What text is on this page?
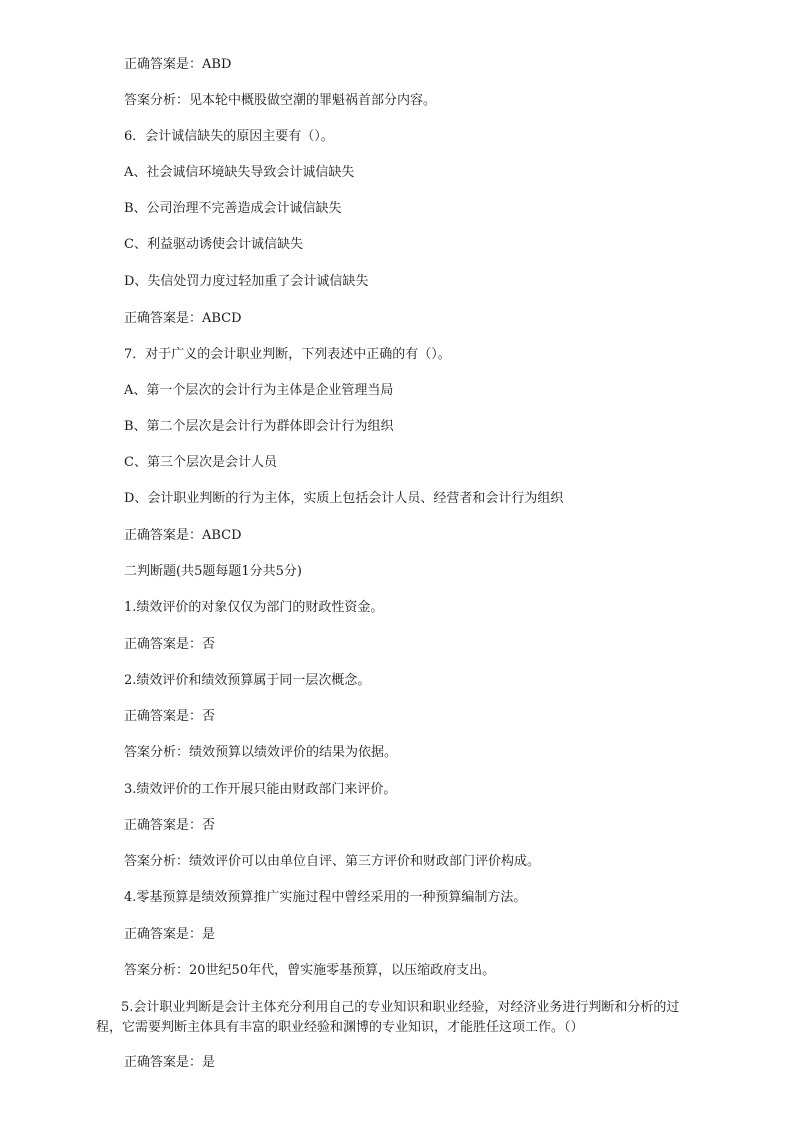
正确答案是：ABD
答案分析：见本轮中概股做空潮的罪魁祸首部分内容。
6．会计诚信缺失的原因主要有（）。
A、社会诚信环境缺失导致会计诚信缺失
B、公司治理不完善造成会计诚信缺失
C、利益驱动诱使会计诚信缺失
D、失信处罚力度过轻加重了会计诚信缺失
正确答案是：ABCD
7．对于广义的会计职业判断，下列表述中正确的有（）。
A、第一个层次的会计行为主体是企业管理当局
B、第二个层次是会计行为群体即会计行为组织
C、第三个层次是会计人员
D、会计职业判断的行为主体，实质上包括会计人员、经营者和会计行为组织
正确答案是：ABCD
二判断题(共5题每题1分共5分)
1.绩效评价的对象仅仅为部门的财政性资金。
正确答案是：否
2.绩效评价和绩效预算属于同一层次概念。
正确答案是：否
答案分析：绩效预算以绩效评价的结果为依据。
3.绩效评价的工作开展只能由财政部门来评价。
正确答案是：否
答案分析：绩效评价可以由单位自评、第三方评价和财政部门评价构成。
4.零基预算是绩效预算推广实施过程中曾经采用的一种预算编制方法。
正确答案是：是
答案分析：20世纪50年代，曾实施零基预算，以压缩政府支出。
5.会计职业判断是会计主体充分利用自己的专业知识和职业经验，对经济业务进行判断和分析的过程，它需要判断主体具有丰富的职业经验和渊博的专业知识，才能胜任这项工作。（）
正确答案是：是
